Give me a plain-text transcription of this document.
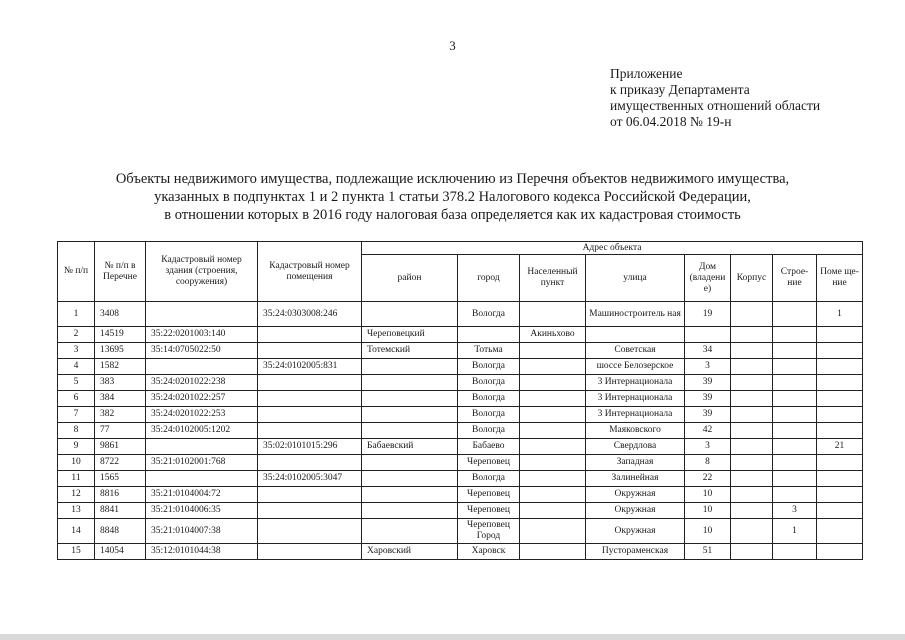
3
Приложение
к приказу Департамента
имущественных отношений области
от 06.04.2018 № 19-н
Объекты недвижимого имущества, подлежащие исключению из Перечня объектов недвижимого имущества,
указанных в подпунктах 1 и 2 пункта 1 статьи 378.2 Налогового кодекса Российской Федерации,
в отношении которых в 2016 году налоговая база определяется как их кадастровая стоимость
№ п/п	№ п/п в Перечне	Кадастровый номер здания (строения, сооружения)	Кадастровый номер помещения	Адрес объекта							
				район	город	Населенный пункт	улица	Дом (владени е)	Корпус	Строе- ние	Поме ще- ние
1	3408		35:24:0303008:246		Вологда		Машиностроитель ная	19			1
2	14519	35:22:0201003:140		Череповецкий		Акиньхово					
3	13695	35:14:0705022:50		Тотемский	Тотьма		Советская	34			
4	1582		35:24:0102005:831		Вологда		шоссе Белозерское	3			
5	383	35:24:0201022:238			Вологда		3 Интернационала	39			
6	384	35:24:0201022:257			Вологда		3 Интернационала	39			
7	382	35:24:0201022:253			Вологда		3 Интернационала	39			
8	77	35:24:0102005:1202			Вологда		Маяковского	42			
9	9861		35:02:0101015:296	Бабаевский	Бабаево		Свердлова	3			21
10	8722	35:21:0102001:768			Череповец		Западная	8			
11	1565		35:24:0102005:3047		Вологда		Залинейная	22			
12	8816	35:21:0104004:72			Череповец		Окружная	10			
13	8841	35:21:0104006:35			Череповец		Окружная	10		3	
14	8848	35:21:0104007:38			Череповец Город		Окружная	10		1	
15	14054	35:12:0101044:38		Харовский	Харовск		Пустораменская	51			
